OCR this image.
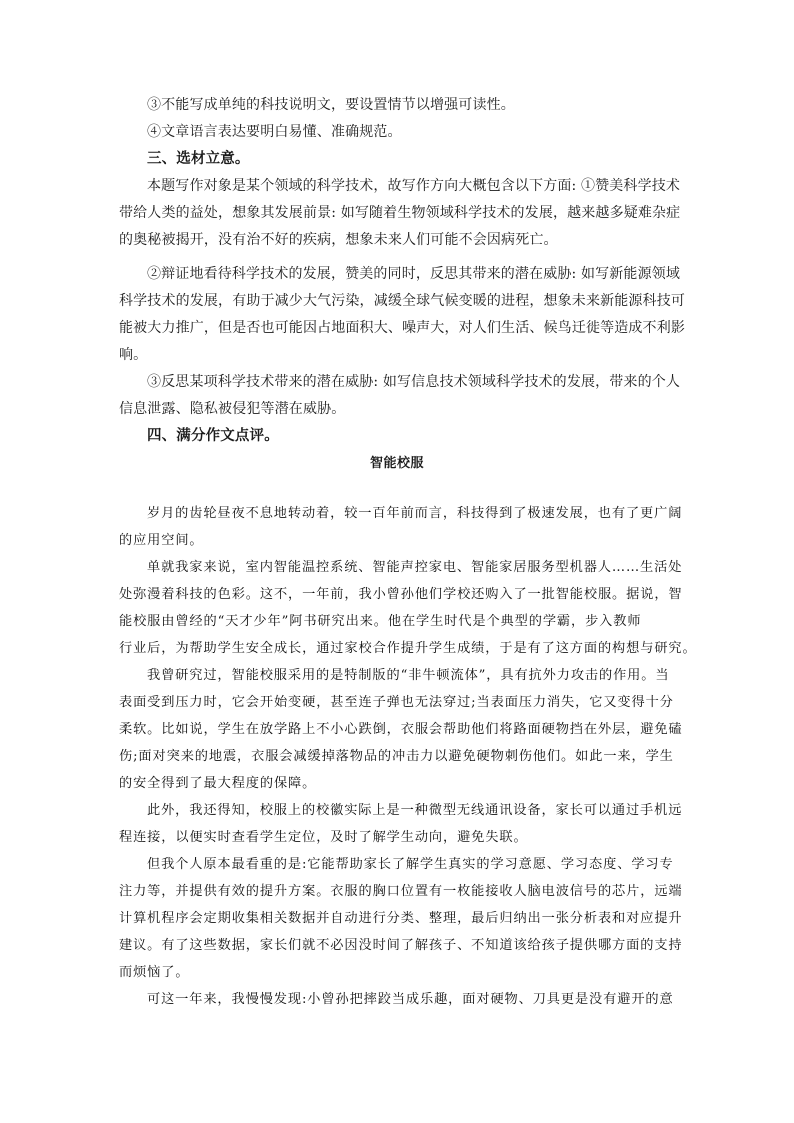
③不能写成单纯的科技说明文，要设置情节以增强可读性。
④文章语言表达要明白易懂、准确规范。
三、选材立意。
本题写作对象是某个领域的科学技术，故写作方向大概包含以下方面: ①赞美科学技术
带给人类的益处，想象其发展前景: 如写随着生物领域科学技术的发展，越来越多疑难杂症
的奥秘被揭开，没有治不好的疾病，想象未来人们可能不会因病死亡。
②辩证地看待科学技术的发展，赞美的同时，反思其带来的潜在威胁: 如写新能源领域
科学技术的发展，有助于减少大气污染，减缓全球气候变暖的进程，想象未来新能源科技可
能被大力推广，但是否也可能因占地面积大、噪声大，对人们生活、候鸟迁徙等造成不利影
响。
③反思某项科学技术带来的潜在威胁: 如写信息技术领域科学技术的发展，带来的个人
信息泄露、隐私被侵犯等潜在威胁。
四、满分作文点评。
智能校服
岁月的齿轮昼夜不息地转动着，较一百年前而言，科技得到了极速发展，也有了更广阔
的应用空间。
单就我家来说，室内智能温控系统、智能声控家电、智能家居服务型机器人……生活处
处弥漫着科技的色彩。这不，一年前，我小曾孙他们学校还购入了一批智能校服。据说，智
能校服由曾经的“天才少年”阿书研究出来。他在学生时代是个典型的学霸，步入教师
行业后，为帮助学生安全成长，通过家校合作提升学生成绩，于是有了这方面的构想与研究。
我曾研究过，智能校服采用的是特制版的“非牛顿流体”，具有抗外力攻击的作用。当
表面受到压力时，它会开始变硬，甚至连子弹也无法穿过;当表面压力消失，它又变得十分
柔软。比如说，学生在放学路上不小心跌倒，衣服会帮助他们将路面硬物挡在外层，避免磕
伤;面对突来的地震，衣服会减缓掉落物品的冲击力以避免硬物刺伤他们。如此一来，学生
的安全得到了最大程度的保障。
此外，我还得知，校服上的校徽实际上是一种微型无线通讯设备，家长可以通过手机远
程连接，以便实时查看学生定位，及时了解学生动向，避免失联。
但我个人原本最看重的是:它能帮助家长了解学生真实的学习意愿、学习态度、学习专
注力等，并提供有效的提升方案。衣服的胸口位置有一枚能接收人脑电波信号的芯片，远端
计算机程序会定期收集相关数据并自动进行分类、整理，最后归纳出一张分析表和对应提升
建议。有了这些数据，家长们就不必因没时间了解孩子、不知道该给孩子提供哪方面的支持
而烦恼了。
可这一年来，我慢慢发现:小曾孙把摔跤当成乐趣，面对硬物、刀具更是没有避开的意
